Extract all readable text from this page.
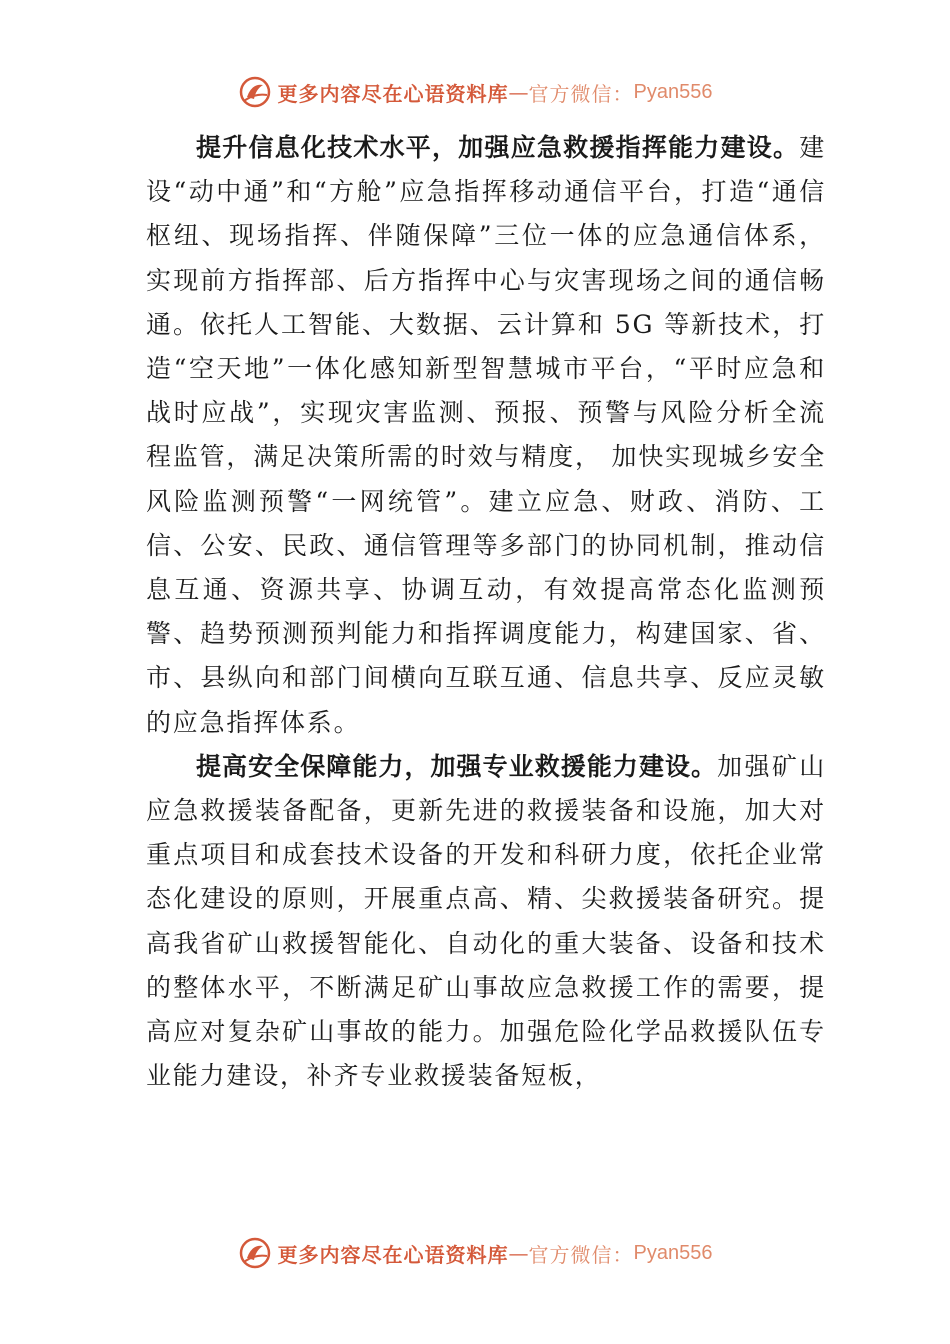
更多内容尽在心语资料库 — 官方微信： Pyan556

提升信息化技术水平，加强应急救援指挥能力建设。建设“动中通”和“方舱”应急指挥移动通信平台，打造“通信枢纽、现场指挥、伴随保障”三位一体的应急通信体系，实现前方指挥部、后方指挥中心与灾害现场之间的通信畅通。依托人工智能、大数据、云计算和 5G 等新技术，打造“空天地”一体化感知新型智慧城市平台，“平时应急和战时应战”，实现灾害监测、预报、预警与风险分析全流程监管，满足决策所需的时效与精度， 加快实现城乡安全风险监测预警“一网统管”。建立应急、财政、消防、工信、公安、民政、通信管理等多部门的协同机制，推动信息互通、资源共享、协调互动，有效提高常态化监测预警、趋势预测预判能力和指挥调度能力，构建国家、省、市、县纵向和部门间横向互联互通、信息共享、反应灵敏的应急指挥体系。

提高安全保障能力，加强专业救援能力建设。加强矿山应急救援装备配备，更新先进的救援装备和设施，加大对重点项目和成套技术设备的开发和科研力度，依托企业常态化建设的原则，开展重点高、精、尖救援装备研究。提高我省矿山救援智能化、自动化的重大装备、设备和技术的整体水平，不断满足矿山事故应急救援工作的需要，提高应对复杂矿山事故的能力。加强危险化学品救援队伍专业能力建设，补齐专业救援装备短板，

更多内容尽在心语资料库 — 官方微信： Pyan556
